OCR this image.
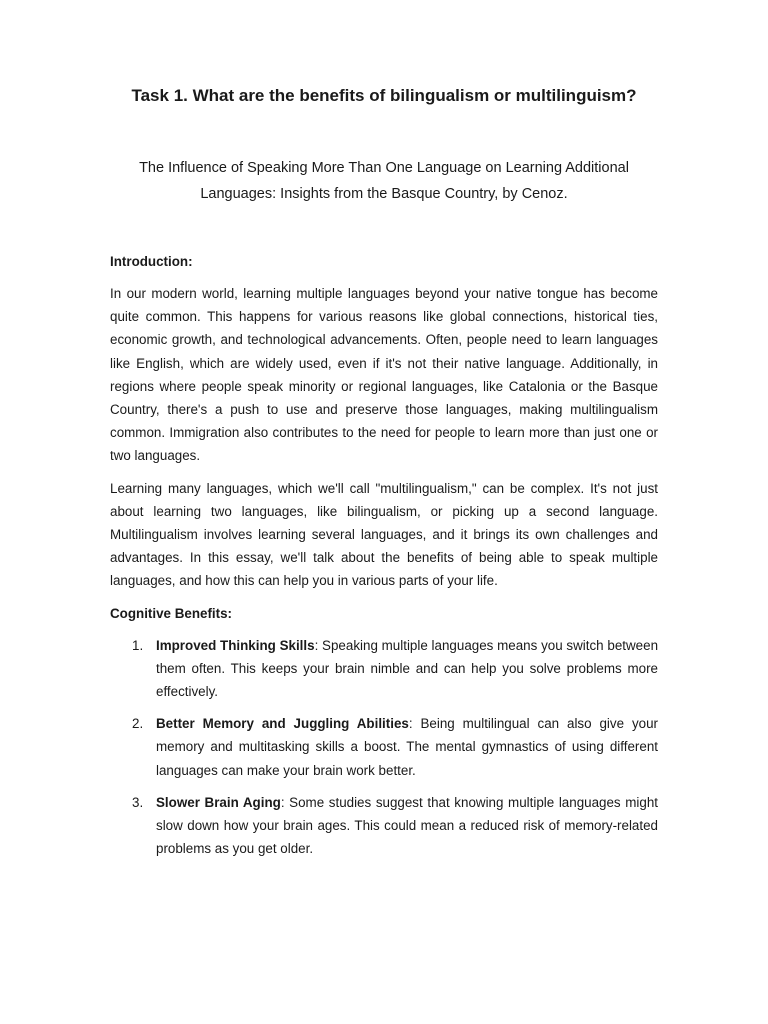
Task 1. What are the benefits of bilingualism or multilinguism?

The Influence of Speaking More Than One Language on Learning Additional Languages: Insights from the Basque Country, by Cenoz.

Introduction:

In our modern world, learning multiple languages beyond your native tongue has become quite common. This happens for various reasons like global connections, historical ties, economic growth, and technological advancements. Often, people need to learn languages like English, which are widely used, even if it's not their native language. Additionally, in regions where people speak minority or regional languages, like Catalonia or the Basque Country, there's a push to use and preserve those languages, making multilingualism common. Immigration also contributes to the need for people to learn more than just one or two languages.

Learning many languages, which we'll call "multilingualism," can be complex. It's not just about learning two languages, like bilingualism, or picking up a second language. Multilingualism involves learning several languages, and it brings its own challenges and advantages. In this essay, we'll talk about the benefits of being able to speak multiple languages, and how this can help you in various parts of your life.

Cognitive Benefits:
1. Improved Thinking Skills: Speaking multiple languages means you switch between them often. This keeps your brain nimble and can help you solve problems more effectively.
2. Better Memory and Juggling Abilities: Being multilingual can also give your memory and multitasking skills a boost. The mental gymnastics of using different languages can make your brain work better.
3. Slower Brain Aging: Some studies suggest that knowing multiple languages might slow down how your brain ages. This could mean a reduced risk of memory-related problems as you get older.
